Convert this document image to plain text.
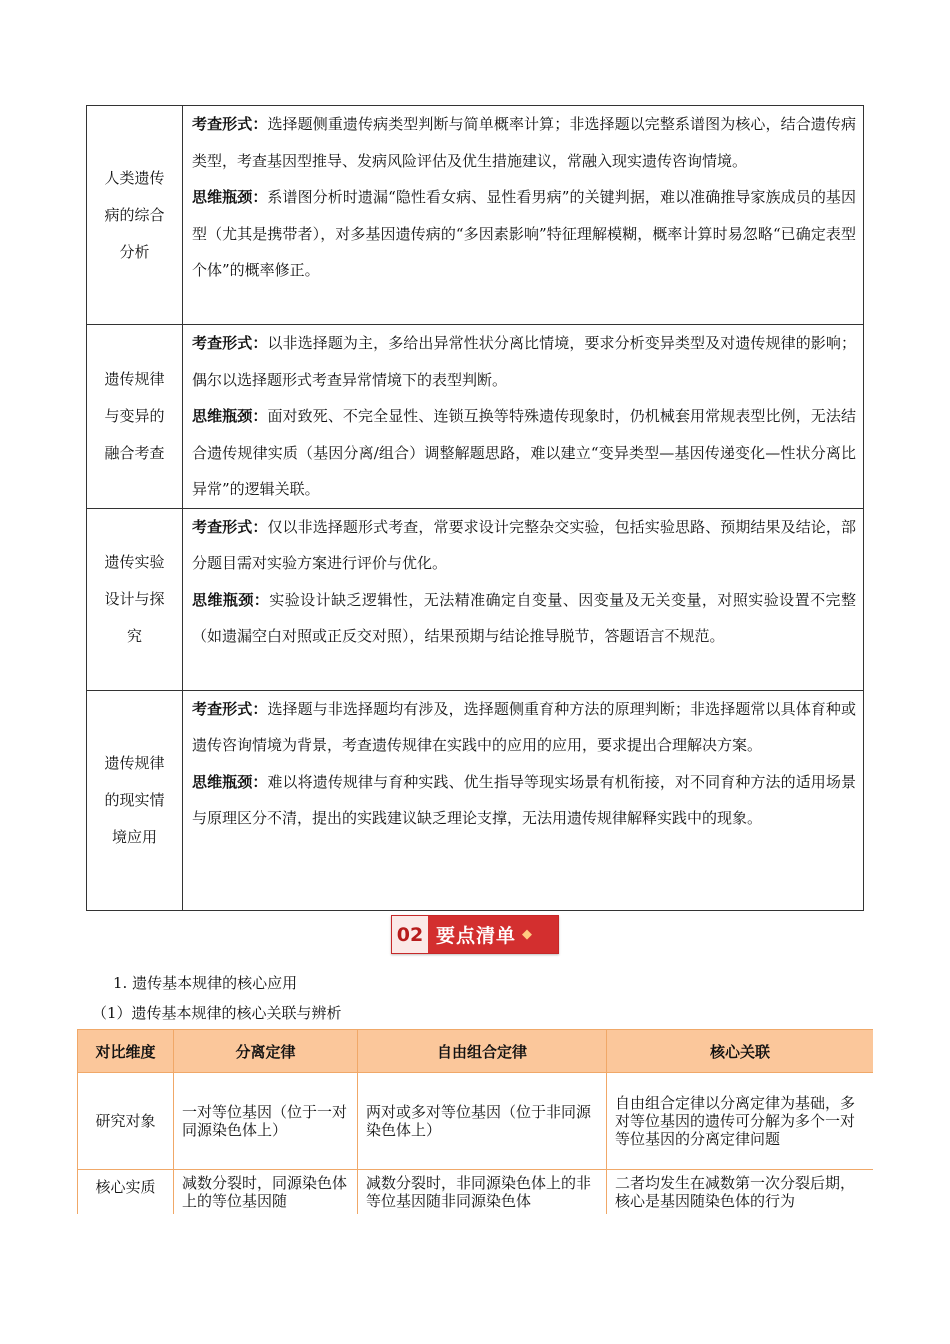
人类遗传病的综合分析	考查形式：选择题侧重遗传病类型判断与简单概率计算；非选择题以完整系谱图为核心，结合遗传病类型，考查基因型推导、发病风险评估及优生措施建议，常融入现实遗传咨询情境。

思维瓶颈：系谱图分析时遗漏“隐性看女病、显性看男病”的关键判据，难以准确推导家族成员的基因型（尤其是携带者），对多基因遗传病的“多因素影响”特征理解模糊，概率计算时易忽略“已确定表型个体”的概率修正。

遗传规律与变异的融合考查	考查形式：以非选择题为主，多给出异常性状分离比情境，要求分析变异类型及对遗传规律的影响；偶尔以选择题形式考查异常情境下的表型判断。

思维瓶颈：面对致死、不完全显性、连锁互换等特殊遗传现象时，仍机械套用常规表型比例，无法结合遗传规律实质（基因分离/组合）调整解题思路，难以建立“变异类型—基因传递变化—性状分离比异常”的逻辑关联。

遗传实验设计与探究	考查形式：仅以非选择题形式考查，常要求设计完整杂交实验，包括实验思路、预期结果及结论，部分题目需对实验方案进行评价与优化。

思维瓶颈：实验设计缺乏逻辑性，无法精准确定自变量、因变量及无关变量，对照实验设置不完整（如遗漏空白对照或正反交对照），结果预期与结论推导脱节，答题语言不规范。

遗传规律的现实情境应用	考查形式：选择题与非选择题均有涉及，选择题侧重育种方法的原理判断；非选择题常以具体育种或遗传咨询情境为背景，考查遗传规律在实践中的应用的应用，要求提出合理解决方案。

思维瓶颈：难以将遗传规律与育种实践、优生指导等现实场景有机衔接，对不同育种方法的适用场景与原理区分不清，提出的实践建议缺乏理论支撑，无法用遗传规律解释实践中的现象。

02 要点清单 ◆
1. 遗传基本规律的核心应用
（1）遗传基本规律的核心关联与辨析
对比维度	分离定律	自由组合定律	核心关联
研究对象	一对等位基因（位于一对同源染色体上）	两对或多对等位基因（位于非同源染色体上）	自由组合定律以分离定律为基础，多对等位基因的遗传可分解为多个一对等位基因的分离定律问题
核心实质	减数分裂时，同源染色体上的等位基因随	减数分裂时，非同源染色体上的非等位基因随非同源染色体	二者均发生在减数第一次分裂后期，核心是基因随染色体的行为
